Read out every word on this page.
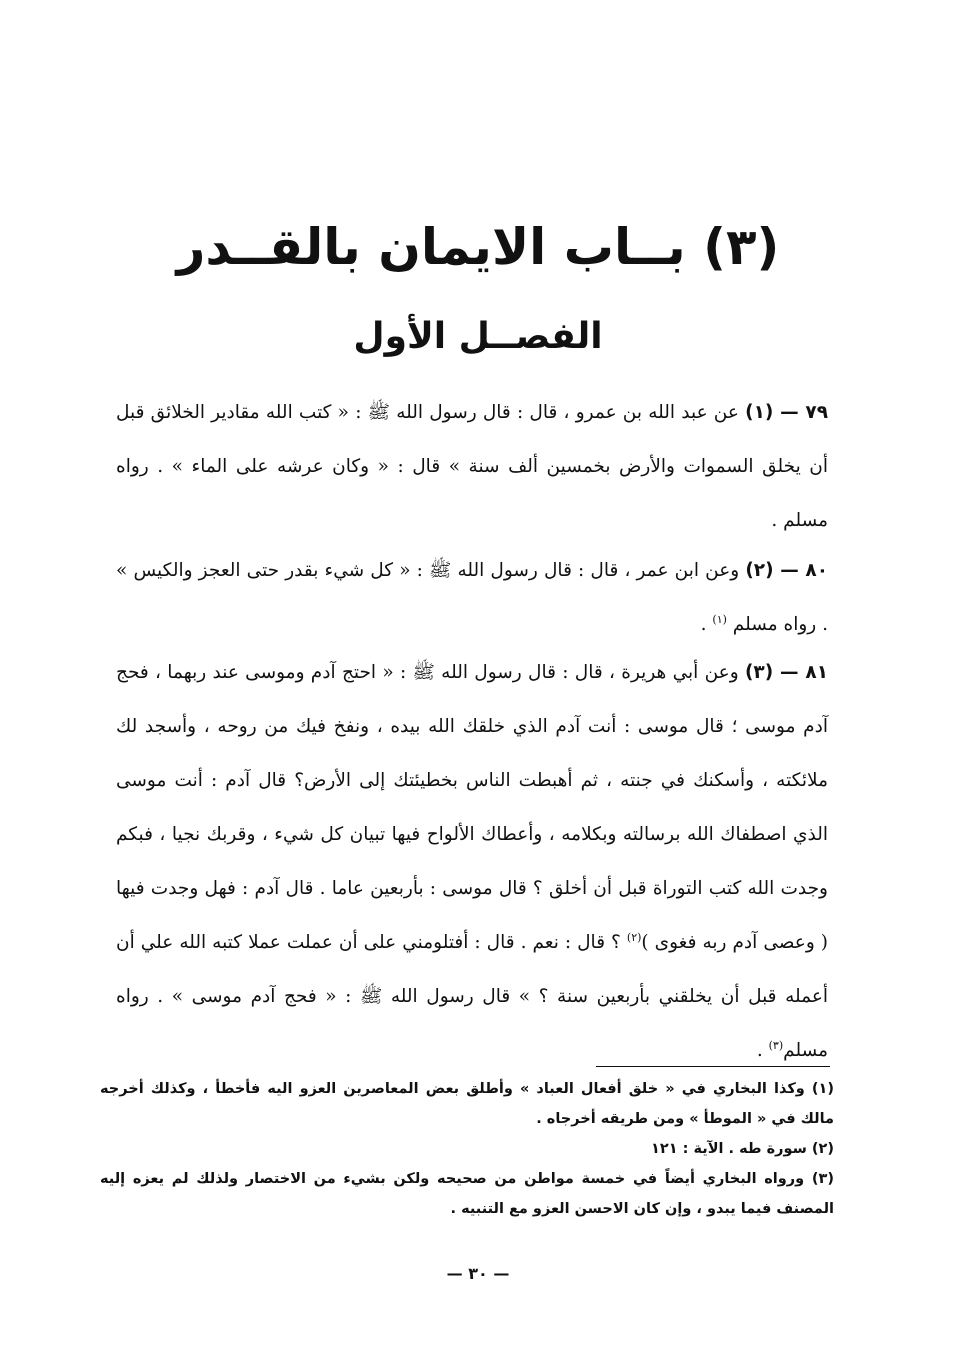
(٣) بــاب الايمان بالقــدر
الفصــل الأول
٧٩ — (١) عن عبد الله بن عمرو ، قال : قال رسول الله ﷺ : « كتب الله مقادير الخلائق قبل أن يخلق السموات والأرض بخمسين ألف سنة » قال : « وكان عرشه على الماء » . رواه مسلم .
٨٠ — (٢) وعن ابن عمر ، قال : قال رسول الله ﷺ : « كل شيء بقدر حتى العجز والكيس » . رواه مسلم $^{(١)}$ .
٨١ — (٣) وعن أبي هريرة ، قال : قال رسول الله ﷺ : « احتج آدم وموسى عند ربهما ، فحج آدم موسى ؛ قال موسى : أنت آدم الذي خلقك الله بيده ، ونفخ فيك من روحه ، وأسجد لك ملائكته ، وأسكنك في جنته ، ثم أهبطت الناس بخطيئتك إلى الأرض؟ قال آدم : أنت موسى الذي اصطفاك الله برسالته وبكلامه ، وأعطاك الألواح فيها تبيان كل شيء ، وقربك نجيا ، فبكم وجدت الله كتب التوراة قبل أن أخلق ؟ قال موسى : بأربعين عاما . قال آدم : فهل وجدت فيها ( وعصى آدم ربه فغوى )$^{(٢)}$ ؟ قال : نعم . قال : أفتلومني على أن عملت عملا كتبه الله علي أن أعمله قبل أن يخلقني بأربعين سنة ؟ » قال رسول الله ﷺ : « فحج آدم موسى » . رواه مسلم$^{(٣)}$ .

(١) وكذا البخاري في « خلق أفعال العباد » وأطلق بعض المعاصرين العزو اليه فأخطأ ، وكذلك أخرجه مالك في « الموطأ » ومن طريقه أخرجاه .

(٢) سورة طه . الآية : ١٢١

(٣) ورواه البخاري أيضاً في خمسة مواطن من صحيحه ولكن بشيء من الاختصار ولذلك لم يعزه إليه المصنف فيما يبدو ، وإن كان الاحسن العزو مع التنبيه .

— ٣٠ —
